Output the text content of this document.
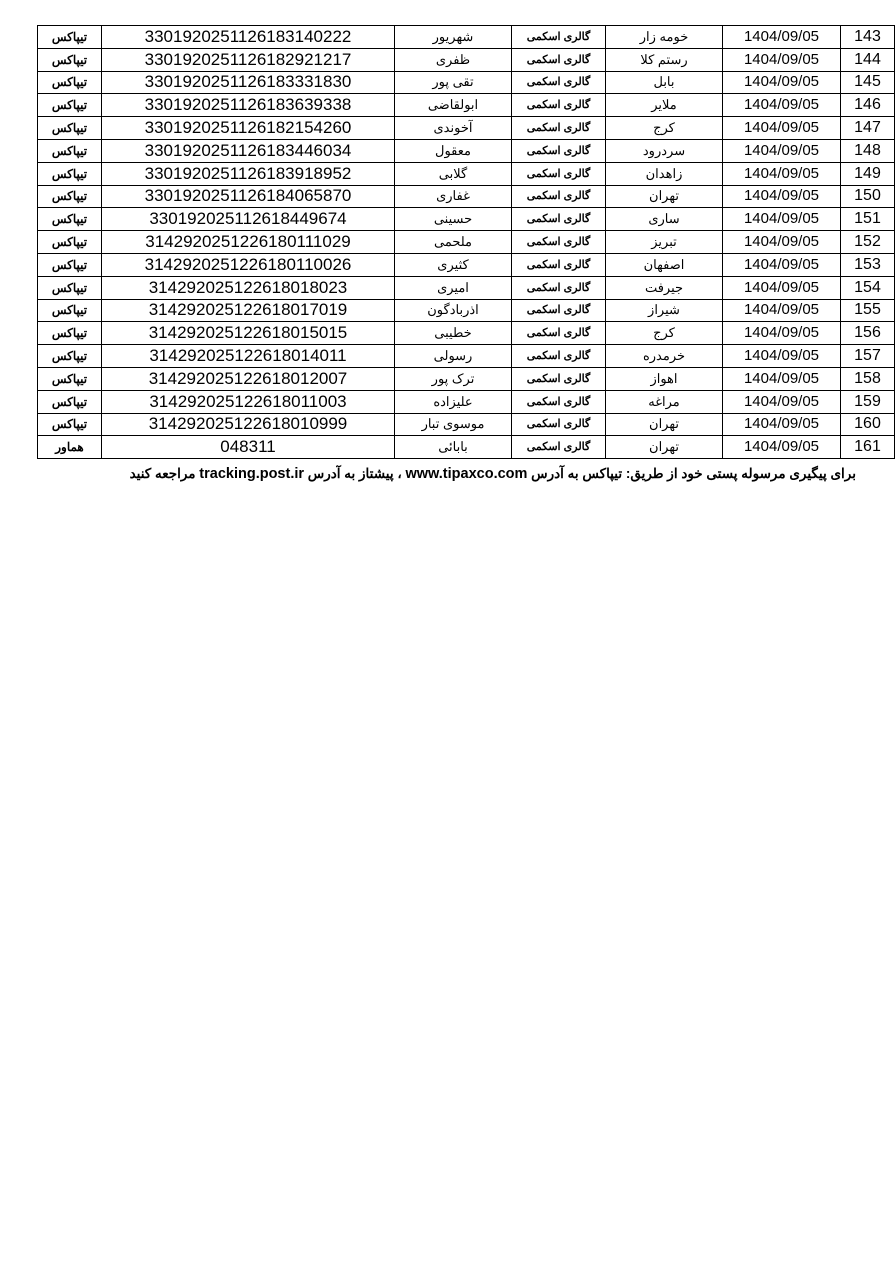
تیپاکس	3301920251126183140222	شهریور	گالری اسکمی	خومه زار	1404/09/05	143
تیپاکس	3301920251126182921217	ظفری	گالری اسکمی	رستم کلا	1404/09/05	144
تیپاکس	3301920251126183331830	تقی پور	گالری اسکمی	بابل	1404/09/05	145
تیپاکس	3301920251126183639338	ابولقاضی	گالری اسکمی	ملایر	1404/09/05	146
تیپاکس	3301920251126182154260	آخوندی	گالری اسکمی	کرج	1404/09/05	147
تیپاکس	3301920251126183446034	معقول	گالری اسکمی	سردرود	1404/09/05	148
تیپاکس	3301920251126183918952	گلابی	گالری اسکمی	زاهدان	1404/09/05	149
تیپاکس	3301920251126184065870	غفاری	گالری اسکمی	تهران	1404/09/05	150
تیپاکس	330192025112618449674	حسینی	گالری اسکمی	ساری	1404/09/05	151
تیپاکس	3142920251226180111029	ملحمی	گالری اسکمی	تبریز	1404/09/05	152
تیپاکس	3142920251226180110026	کثیری	گالری اسکمی	اصفهان	1404/09/05	153
تیپاکس	314292025122618018023	امیری	گالری اسکمی	جیرفت	1404/09/05	154
تیپاکس	314292025122618017019	اذربادگون	گالری اسکمی	شیراز	1404/09/05	155
تیپاکس	314292025122618015015	خطیبی	گالری اسکمی	کرج	1404/09/05	156
تیپاکس	314292025122618014011	رسولی	گالری اسکمی	خرمدره	1404/09/05	157
تیپاکس	314292025122618012007	ترک پور	گالری اسکمی	اهواز	1404/09/05	158
تیپاکس	314292025122618011003	علیزاده	گالری اسکمی	مراغه	1404/09/05	159
تیپاکس	314292025122618010999	موسوی تبار	گالری اسکمی	تهران	1404/09/05	160
هماور	048311	بابائی	گالری اسکمی	تهران	1404/09/05	161
برای پیگیری مرسوله پستی خود از طریق: تیپاکس به آدرس www.tipaxco.com ، پیشتاز به آدرس tracking.post.ir مراجعه کنید
